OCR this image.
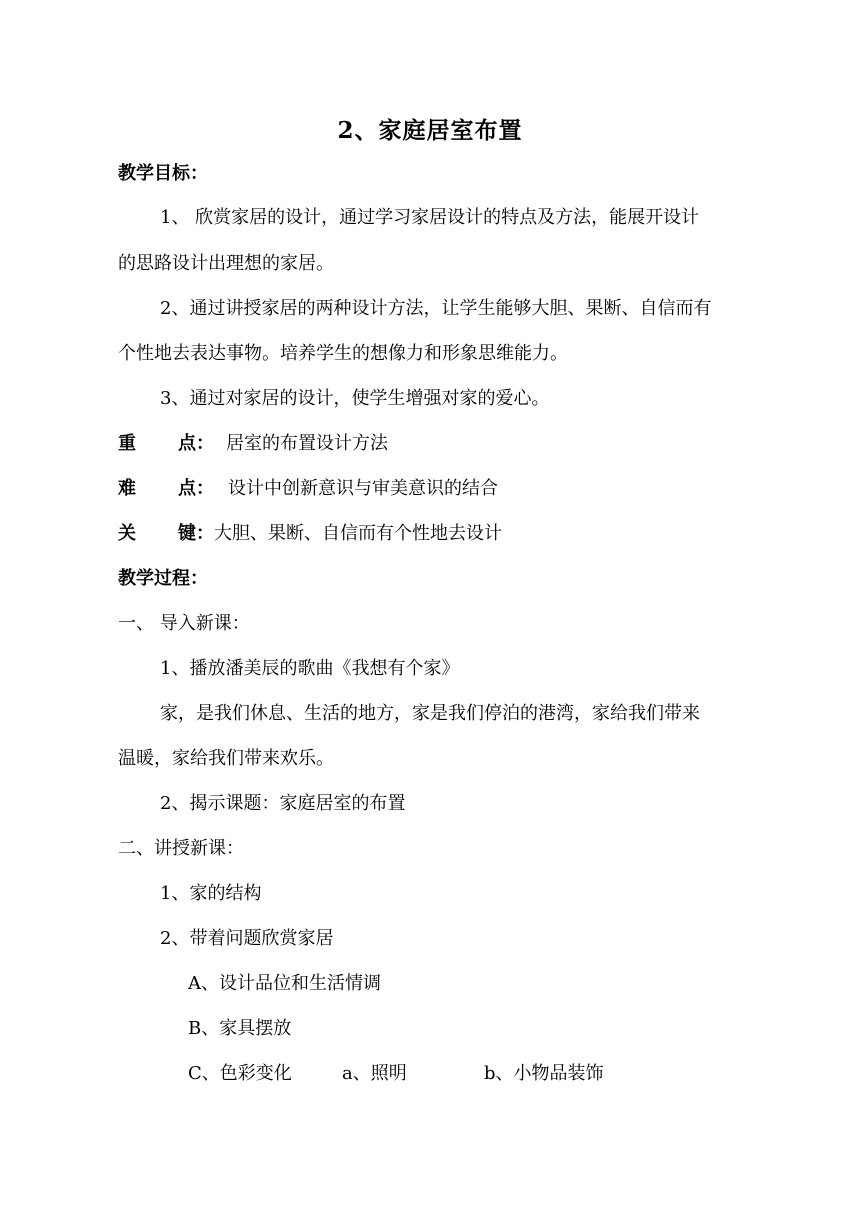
2、家庭居室布置
教学目标：
1、 欣赏家居的设计，通过学习家居设计的特点及方法，能展开设计
的思路设计出理想的家居。
2、通过讲授家居的两种设计方法，让学生能够大胆、果断、自信而有
个性地去表达事物。培养学生的想像力和形象思维能力。
3、通过对家居的设计，使学生增强对家的爱心。
重 点： 居室的布置设计方法
难 点： 设计中创新意识与审美意识的结合
关 键：大胆、果断、自信而有个性地去设计
教学过程：
一、 导入新课：
1、播放潘美辰的歌曲《我想有个家》
家，是我们休息、生活的地方，家是我们停泊的港湾，家给我们带来
温暖，家给我们带来欢乐。
2、揭示课题：家庭居室的布置
二、讲授新课：
1、家的结构
2、带着问题欣赏家居
A、设计品位和生活情调
B、家具摆放
C、色彩变化	a、照明	b、小物品装饰
